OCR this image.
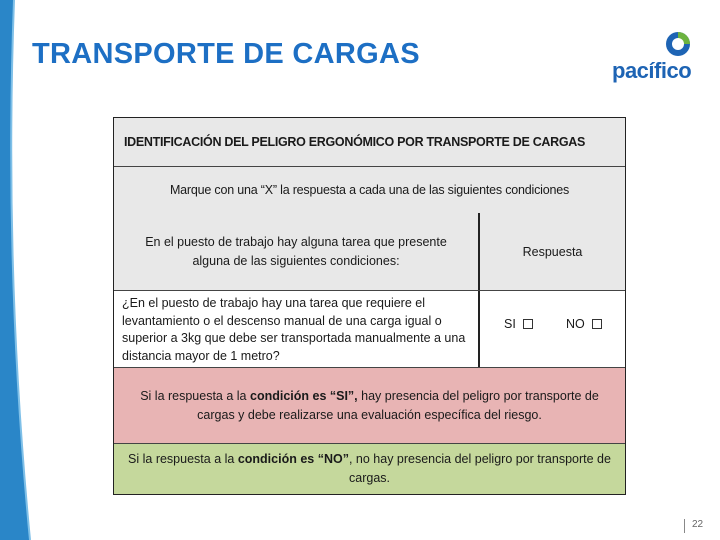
TRANSPORTE DE CARGAS
pacífico
IDENTIFICACIÓN DEL PELIGRO ERGONÓMICO POR TRANSPORTE DE CARGAS
Marque con una “X” la respuesta a cada una de las siguientes condiciones
En el puesto de trabajo hay alguna tarea que presente alguna de las siguientes condiciones:
Respuesta
¿En el puesto de trabajo hay una tarea que requiere el levantamiento o el descenso manual de una carga igual o superior a 3kg que debe ser transportada manualmente a una distancia mayor de 1 metro?
SI	NO
Si la respuesta a la condición es “SI”, hay presencia del peligro por transporte de cargas y debe realizarse una evaluación específica del riesgo.
Si la respuesta a la condición es “NO”, no hay presencia del peligro por transporte de cargas.
22
